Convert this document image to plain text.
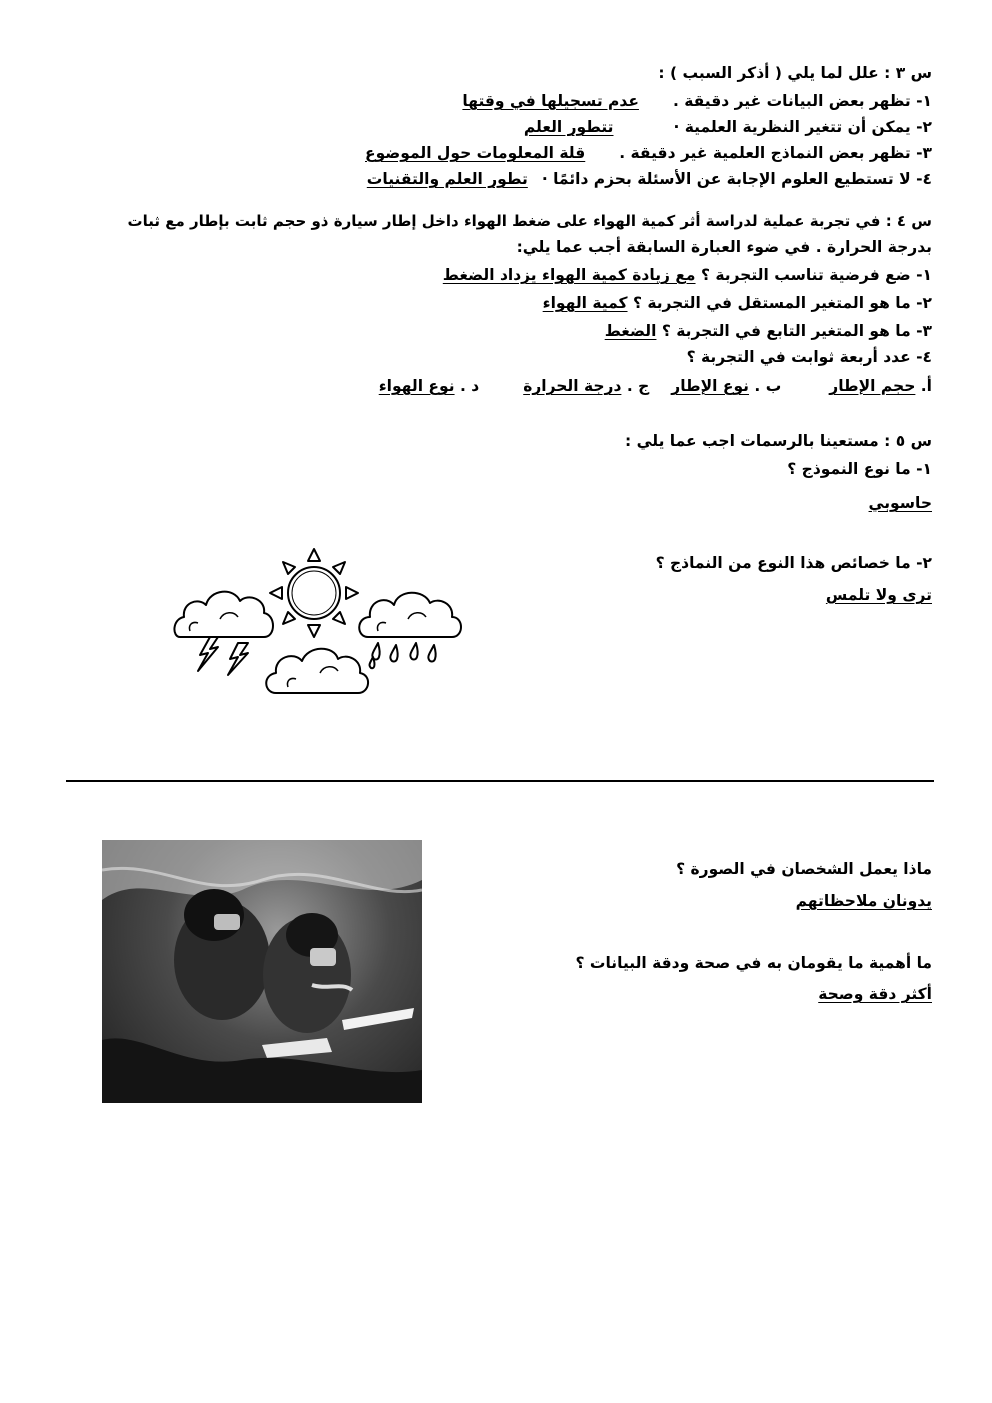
س ٣ : علل لما يلي ( أذكر السبب ) :
١- تظهر بعض البيانات غير دقيقة .عدم تسجيلها في وقتها
٢- يمكن أن تتغير النظرية العلمية ·تتطور العلم
٣- تظهر بعض النماذج العلمية غير دقيقة .قلة المعلومات حول الموضوع
٤- لا تستطيع العلوم الإجابة عن الأسئلة بحزم دائمًا ·تطور العلم والتقنيات
س ٤ : في تجربة عملية لدراسة أثر كمية الهواء على ضغط الهواء داخل إطار سيارة ذو حجم ثابت بإطار مع ثبات
بدرجة الحرارة . في ضوء العبارة السابقة أجب عما يلي:
١- ضع فرضية تناسب التجربة ؟ مع زيادة كمية الهواء يزداد الضغط
٢- ما هو المتغير المستقل في التجربة ؟ كمية الهواء
٣- ما هو المتغير التابع في التجربة ؟ الضغط
٤- عدد أربعة ثوابت في التجربة ؟
أ. حجم الإطارب . نوع الإطارج . درجة الحرارةد . نوع الهواء
س ٥ : مستعينا بالرسمات اجب عما يلي :
١- ما نوع النموذج ؟
حاسوبي
٢- ما خصائص هذا النوع من النماذج ؟
ترى ولا تلمس
ماذا يعمل الشخصان في الصورة ؟
يدونان ملاحظاتهم
ما أهمية ما يقومان به في صحة ودقة البيانات ؟
أكثر دقة وصحة
